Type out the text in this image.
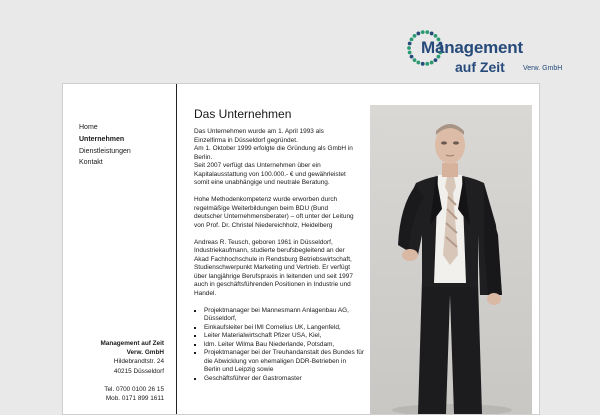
Management
auf Zeit	Verw. GmbH
Home
Unternehmen
Dienstleistungen
Kontakt
Management auf Zeit
Verw. GmbH
Hildebrandtstr. 24
40215 Düsseldorf
Tel. 0700 0100 26 15
Mob. 0171 899 1611
Das Unternehmen

Das Unternehmen wurde am 1. April 1993 als
Einzelfirma in Düsseldorf gegründet.
Am 1. Oktober 1999 erfolgte die Gründung als GmbH in
Berlin.
Seit 2007 verfügt das Unternehmen über ein
Kapitalausstattung von 100.000.- € und gewährleistet
somit eine unabhängige und neutrale Beratung.

Hohe Methodenkompetenz wurde erworben durch
regelmäßige Weiterbildungen beim BDU (Bund
deutscher Unternehmensberater) – oft unter der Leitung
von Prof. Dr. Christel Niedereichholz, Heidelberg

Andreas R. Teusch, geboren 1961 in Düsseldorf,
Industriekaufmann, studierte berufsbegleitend an der
Akad Fachhochschule in Rendsburg Betriebswirtschaft,
Studienschwerpunkt Marketing und Vertrieb. Er verfügt
über langjährige Berufspraxis in leitenden und seit 1997
auch in geschäftsführenden Positionen in Industrie und
Handel.

▪ Projektmanager bei Mannesmann Anlagenbau AG, Düsseldorf,
▪ Einkaufsleiter bei IMI Cornelius UK, Langenfeld,
▪ Leiter Materialwirtschaft Pfizer USA, Kiel,
▪ ldm. Leiter Wilma Bau Niederlande, Potsdam,
▪ Projektmanager bei der Treuhandanstalt des Bundes für die Abwicklung von ehemaligen DDR-Betrieben in Berlin und Leipzig sowie
▪ Geschäftsführer der Gastromaster
